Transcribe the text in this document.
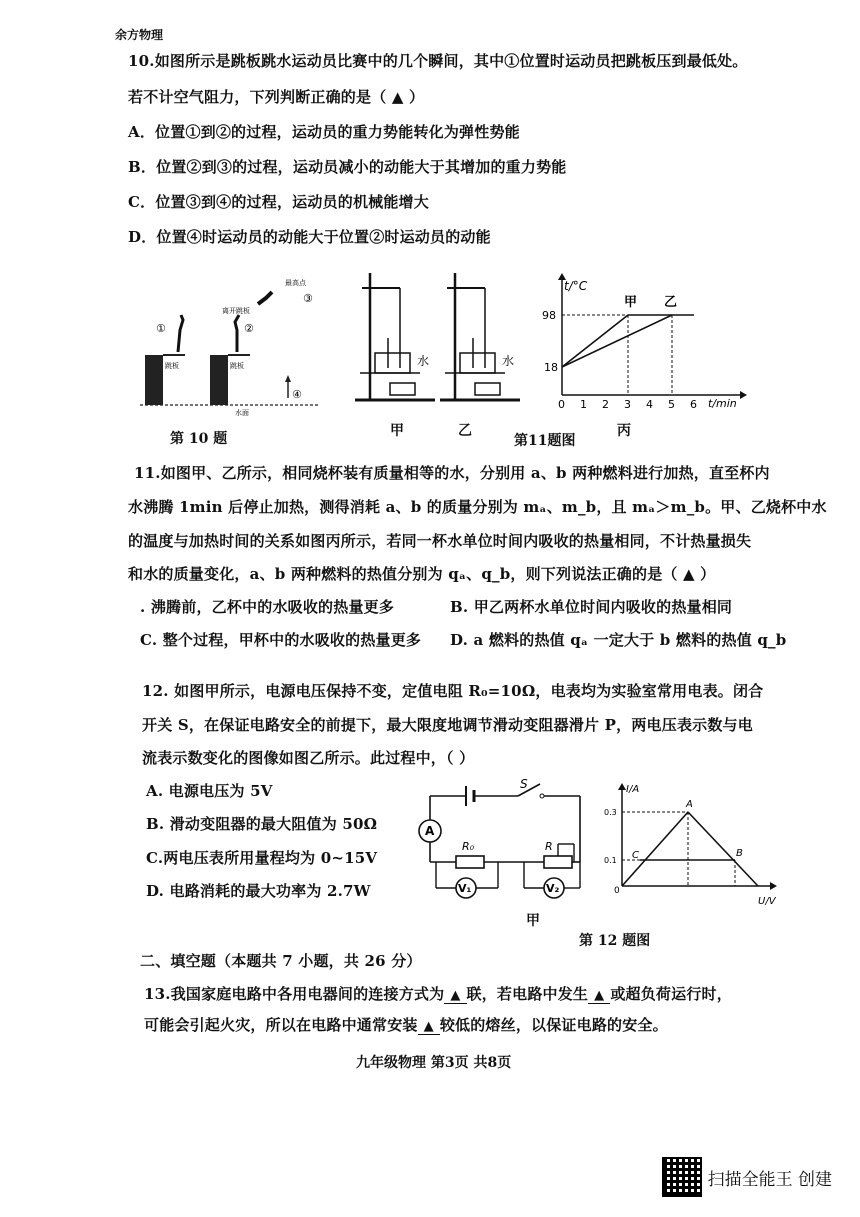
余方物理
10.如图所示是跳板跳水运动员比赛中的几个瞬间，其中①位置时运动员把跳板压到最低处。
若不计空气阻力，下列判断正确的是（ ▲ ）
A．位置①到②的过程，运动员的重力势能转化为弹性势能
B．位置②到③的过程，运动员减小的动能大于其增加的重力势能
C．位置③到④的过程，运动员的机械能增大
D．位置④时运动员的动能大于位置②时运动员的动能
①	②
③
④
跳板	跳板
离开跳板
最高点
水面
第 10 题
水	水
甲	乙
第11题图
t/°C
t/min
98
18
0 1 2 3 4 5 6
甲 乙
丙
11.如图甲、乙所示，相同烧杯装有质量相等的水，分别用 a、b 两种燃料进行加热，直至杯内
水沸腾 1min 后停止加热，测得消耗 a、b 的质量分别为 mₐ、m_b，且 mₐ＞m_b。甲、乙烧杯中水
的温度与加热时间的关系如图丙所示，若同一杯水单位时间内吸收的热量相同，不计热量损失
和水的质量变化，a、b 两种燃料的热值分别为 qₐ、q_b，则下列说法正确的是（ ▲ ）
. 沸腾前，乙杯中的水吸收的热量更多	B. 甲乙两杯水单位时间内吸收的热量相同
C. 整个过程，甲杯中的水吸收的热量更多 D. a 燃料的热值 qₐ 一定大于 b 燃料的热值 q_b
12. 如图甲所示，电源电压保持不变，定值电阻 R₀=10Ω，电表均为实验室常用电表。闭合
开关 S，在保证电路安全的前提下，最大限度地调节滑动变阻器滑片 P，两电压表示数与电
流表示数变化的图像如图乙所示。此过程中，（ ）
A. 电源电压为 5V
B. 滑动变阻器的最大阻值为 50Ω
C.两电压表所用量程均为 0~15V
D. 电路消耗的最大功率为 2.7W
S
A
R₀	R
V₁	V₂
甲
I/A
U/V
0.3
0.1
0
A
B
C
第 12 题图
二、填空题（本题共 7 小题，共 26 分）
13.我国家庭电路中各用电器间的连接方式为 ▲ 联，若电路中发生 ▲ 或超负荷运行时，
可能会引起火灾，所以在电路中通常安装 ▲ 较低的熔丝，以保证电路的安全。
九年级物理 第3页 共8页
扫描全能王 创建
